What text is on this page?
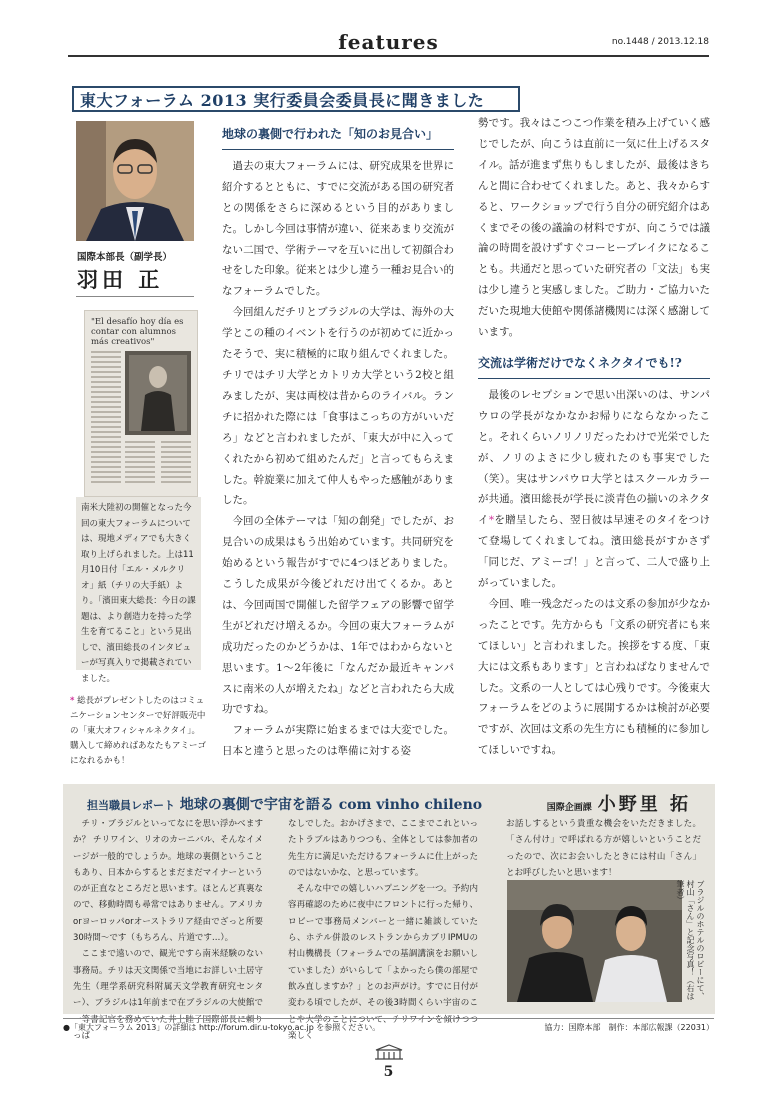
features	no.1448 / 2013.12.18
東大フォーラム 2013 実行委員会委員長に聞きました
国際本部長（副学長）
羽田 正
"El desafío hoy día es contar con alumnos más creativos"
南米大陸初の開催となった今回の東大フォーラムについては、現地メディアでも大きく取り上げられました。上は11月10日付「エル・メルクリオ」紙（チリの大手紙）より。「濱田東大総長：今日の課題は、より創造力を持った学生を育てること」という見出しで、濱田総長のインタビューが写真入りで掲載されていました。
* 総長がプレゼントしたのはコミュニケーションセンターで好評販売中の「東大オフィシャルネクタイ」。購入して締めればあなたもアミーゴになれるかも！
地球の裏側で行われた「知のお見合い」

過去の東大フォーラムには、研究成果を世界に紹介するとともに、すでに交流がある国の研究者との関係をさらに深めるという目的がありました。しかし今回は事情が違い、従来あまり交流がない二国で、学術テーマを互いに出して初顔合わせをした印象。従来とは少し違う一種お見合い的なフォーラムでした。

今回組んだチリとブラジルの大学は、海外の大学とこの種のイベントを行うのが初めてに近かったそうで、実に積極的に取り組んでくれました。チリではチリ大学とカトリカ大学という2校と組みましたが、実は両校は昔からのライバル。ランチに招かれた際には「食事はこっちの方がいいだろ」などと言われましたが、「東大が中に入ってくれたから初めて組めたんだ」と言ってもらえました。幹旋業に加えて仲人もやった感触がありました。

今回の全体テーマは「知の創発」でしたが、お見合いの成果はもう出始めています。共同研究を始めるという報告がすでに4つほどありました。こうした成果が今後どれだけ出てくるか。あとは、今回両国で開催した留学フェアの影響で留学生がどれだけ増えるか。今回の東大フォーラムが成功だったのかどうかは、1年ではわからないと思います。1〜2年後に「なんだか最近キャンパスに南米の人が増えたね」などと言われたら大成功ですね。

フォーラムが実際に始まるまでは大変でした。日本と違うと思ったのは準備に対する姿

勢です。我々はこつこつ作業を積み上げていく感じでしたが、向こうは直前に一気に仕上げるスタイル。話が進まず焦りもしましたが、最後はきちんと間に合わせてくれました。あと、我々からすると、ワークショップで行う自分の研究紹介はあくまでその後の議論の材料ですが、向こうでは議論の時間を設けずすぐコーヒーブレイクになることも。共通だと思っていた研究者の「文法」も実は少し違うと実感しました。ご助力・ご協力いただいた現地大使館や関係諸機関には深く感謝しています。

交流は学術だけでなくネクタイでも!?

最後のレセプションで思い出深いのは、サンパウロの学長がなかなかお帰りにならなかったこと。それくらいノリノリだったわけで光栄でしたが、ノリのよさに少し疲れたのも事実でした（笑）。実はサンパウロ大学とはスクールカラーが共通。濱田総長が学長に淡青色の揃いのネクタイ*を贈呈したら、翌日彼は早速そのタイをつけて登場してくれましてね。濱田総長がすかさず「同じだ、アミーゴ！」と言って、二人で盛り上がっていました。

今回、唯一残念だったのは文系の参加が少なかったことです。先方からも「文系の研究者にも来てほしい」と言われました。挨拶をする度、「東大には文系もあります」と言わねばなりませんでした。文系の一人としては心残りです。今後東大フォーラムをどのように展開するかは検討が必要ですが、次回は文系の先生方にも積極的に参加してほしいですね。

担当職員レポート 地球の裏側で宇宙を語る com vinho chileno	国際企画課 小野里 拓

チリ・ブラジルといってなにを思い浮かべますか？ チリワイン、リオのカーニバル、そんなイメージが一般的でしょうか。地球の裏側ということもあり、日本からするとまだまだマイナーというのが正直なところだと思います。ほとんど真裏なので、移動時間も尋常ではありません。アメリカorヨーロッパorオーストラリア経由でざっと所要30時間〜です（もちろん、片道です…）。

ここまで遠いので、観光ですら南米経験のない事務局。チリは天文関係で当地にお詳しい土居守先生（理学系研究科附属天文学教育研究センター）、ブラジルは1年前まで在ブラジルの大使館で一等書記官を務めていた井上睦子国際部長に頼りっぱ

なしでした。おかげさまで、ここまでこれといったトラブルはありつつも、全体としては参加者の先生方に満足いただけるフォーラムに仕上がったのではないかな、と思っています。

そんな中での嬉しいハプニングを一つ。予約内容再確認のために夜中にフロントに行った帰り、ロビーで事務局メンバーと一緒に雑談していたら、ホテル併設のレストランからカブリIPMUの村山機構長（フォーラムでの基調講演をお願いしていました）がいらして「よかったら僕の部屋で飲み直しますか？」とのお声がけ。すでに日付が変わる頃でしたが、その後3時間くらい宇宙のことや大学のことについて、チリワインを傾けつつ楽しく

お話しするという貴重な機会をいただきました。「さん付け」で呼ばれる方が嬉しいということだったので、次にお会いしたときには村山「さん」とお呼びしたいと思います！

ブラジルのホテルのロビーにて、村山「さん」と記念写真！（右は筆者）
●「東大フォーラム 2013」の詳細は http://forum.dir.u-tokyo.ac.jp を参照ください。	協力：国際本部　制作：本部広報課（22031）
5
